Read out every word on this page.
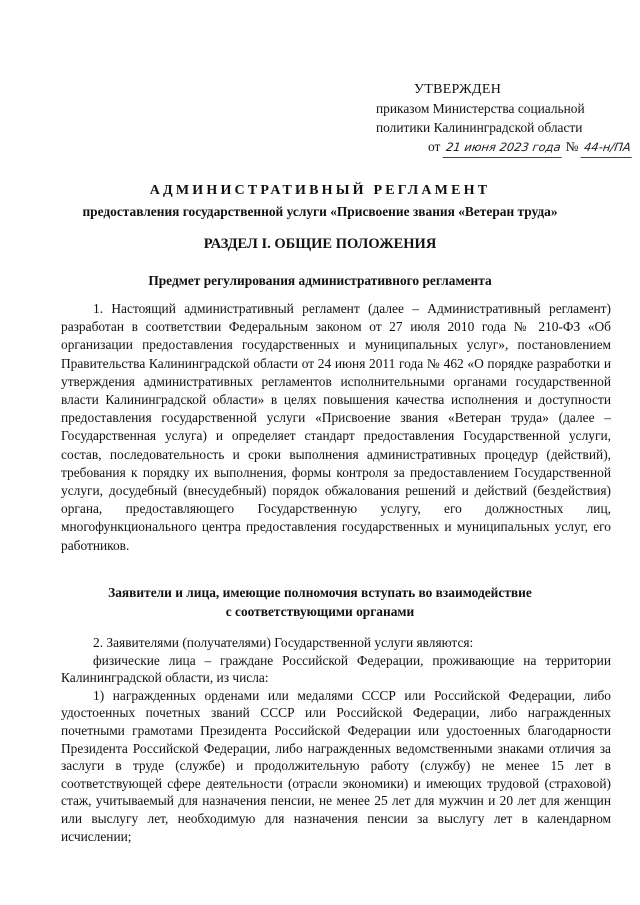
УТВЕРЖДЕН
приказом Министерства социальной
политики Калининградской области
от 21 июня 2023 года № 44-н/ПА
АДМИНИСТРАТИВНЫЙ РЕГЛАМЕНТ
предоставления государственной услуги «Присвоение звания «Ветеран труда»
РАЗДЕЛ I. ОБЩИЕ ПОЛОЖЕНИЯ
Предмет регулирования административного регламента

1. Настоящий административный регламент (далее – Административный регламент) разработан в соответствии Федеральным законом от 27 июля 2010 года № 210-ФЗ «Об организации предоставления государственных и муниципальных услуг», постановлением Правительства Калининградской области от 24 июня 2011 года № 462 «О порядке разработки и утверждения административных регламентов исполнительными органами государственной власти Калининградской области» в целях повышения качества исполнения и доступности предоставления государственной услуги «Присвоение звания «Ветеран труда» (далее – Государственная услуга) и определяет стандарт предоставления Государственной услуги, состав, последовательность и сроки выполнения административных процедур (действий), требования к порядку их выполнения, формы контроля за предоставлением Государственной услуги, досудебный (внесудебный) порядок обжалования решений и действий (бездействия) органа, предоставляющего Государственную услугу, его должностных лиц, многофункционального центра предоставления государственных и муниципальных услуг, его работников.

Заявители и лица, имеющие полномочия вступать во взаимодействие
с соответствующими органами

2. Заявителями (получателями) Государственной услуги являются:

физические лица – граждане Российской Федерации, проживающие на территории Калининградской области, из числа:

1) награжденных орденами или медалями СССР или Российской Федерации, либо удостоенных почетных званий СССР или Российской Федерации, либо награжденных почетными грамотами Президента Российской Федерации или удостоенных благодарности Президента Российской Федерации, либо награжденных ведомственными знаками отличия за заслуги в труде (службе) и продолжительную работу (службу) не менее 15 лет в соответствующей сфере деятельности (отрасли экономики) и имеющих трудовой (страховой) стаж, учитываемый для назначения пенсии, не менее 25 лет для мужчин и 20 лет для женщин или выслугу лет, необходимую для назначения пенсии за выслугу лет в календарном исчислении;
